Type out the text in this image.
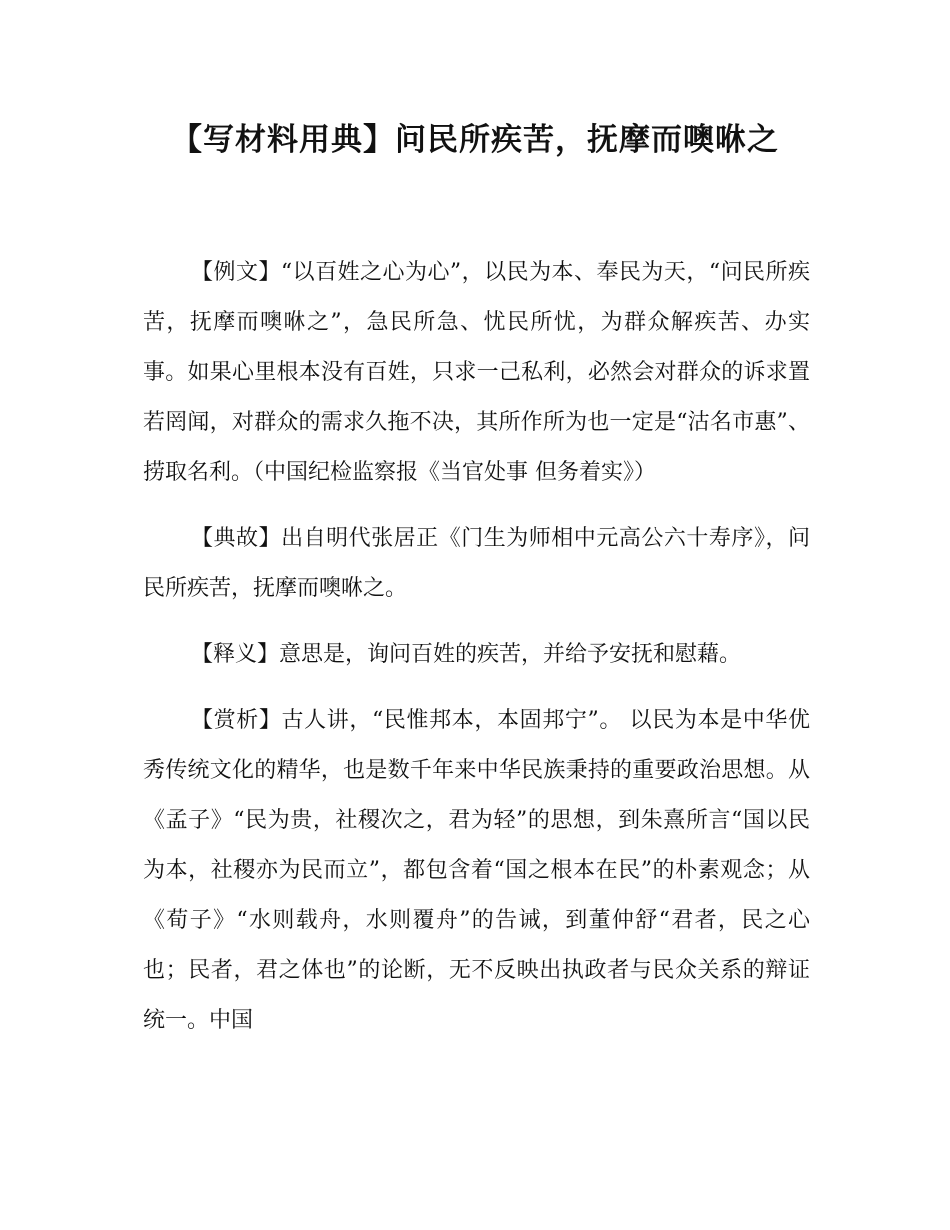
【写材料用典】问民所疾苦，抚摩而噢咻之

【例文】“以百姓之心为心”，以民为本、奉民为天，“问民所疾苦，抚摩而噢咻之”，急民所急、忧民所忧，为群众解疾苦、办实事。如果心里根本没有百姓，只求一己私利，必然会对群众的诉求置若罔闻，对群众的需求久拖不决，其所作所为也一定是“沽名市惠”、捞取名利。（中国纪检监察报《当官处事 但务着实》）

【典故】出自明代张居正《门生为师相中元高公六十寿序》，问民所疾苦，抚摩而噢咻之。

【释义】意思是，询问百姓的疾苦，并给予安抚和慰藉。

【赏析】古人讲，“民惟邦本，本固邦宁”。 以民为本是中华优秀传统文化的精华，也是数千年来中华民族秉持的重要政治思想。从《孟子》“民为贵，社稷次之，君为轻”的思想，到朱熹所言“国以民为本，社稷亦为民而立”，都包含着“国之根本在民”的朴素观念；从《荀子》“水则载舟，水则覆舟”的告诫，到董仲舒“君者，民之心也；民者，君之体也”的论断，无不反映出执政者与民众关系的辩证统一。中国
